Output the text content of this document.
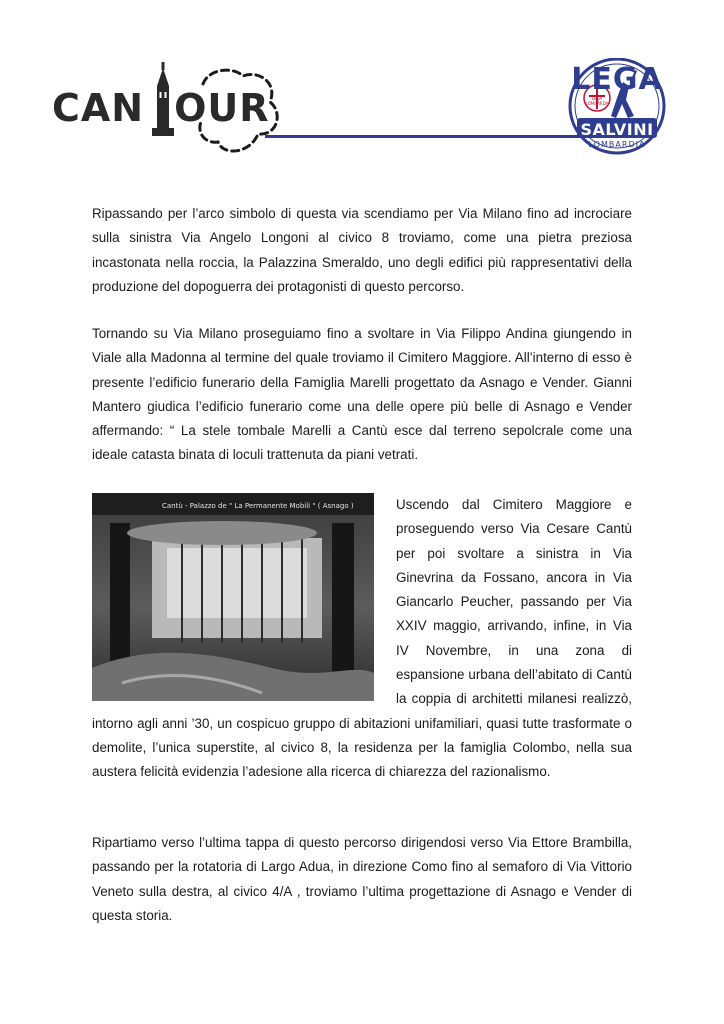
CAN OUR
LEGA
SALVINI
LOMBARDIA
LEGA LOMBARDA

Ripassando per l’arco simbolo di questa via scendiamo per Via Milano fino ad incrociare sulla sinistra Via Angelo Longoni al civico 8 troviamo, come una pietra preziosa incastonata nella roccia, la Palazzina Smeraldo, uno degli edifici più rappresentativi della produzione del dopoguerra dei protagonisti di questo percorso.

Tornando su Via Milano proseguiamo fino a svoltare in Via Filippo Andina giungendo in Viale alla Madonna al termine del quale troviamo il Cimitero Maggiore. All’interno di esso è presente l’edificio funerario della Famiglia Marelli progettato da Asnago e Vender. Gianni Mantero giudica l’edificio funerario come una delle opere più belle di Asnago e Vender affermando: “ La stele tombale Marelli a Cantù esce dal terreno sepolcrale come una ideale catasta binata di loculi trattenuta da piani vetrati.

Cantù - Palazzo de " La Permanente Mobili " ( Asnago )	Uscendo dal Cimitero Maggiore e proseguendo verso Via Cesare Cantù per poi svoltare a sinistra in Via Ginevrina da Fossano, ancora in Via Giancarlo Peucher, passando per Via XXIV maggio, arrivando, infine, in Via IV Novembre, in una zona di espansione urbana dell’abitato di Cantù la coppia di architetti milanesi realizzò, intorno agli anni ’30, un cospicuo gruppo di abitazioni unifamiliari, quasi tutte trasformate o demolite, l’unica superstite, al civico 8, la residenza per la famiglia Colombo, nella sua austera felicità evidenzia l’adesione alla ricerca di chiarezza del razionalismo.

Ripartiamo verso l’ultima tappa di questo percorso dirigendosi verso Via Ettore Brambilla, passando per la rotatoria di Largo Adua, in direzione Como fino al semaforo di Via Vittorio Veneto sulla destra, al civico 4/A , troviamo l’ultima progettazione di Asnago e Vender di questa storia.
